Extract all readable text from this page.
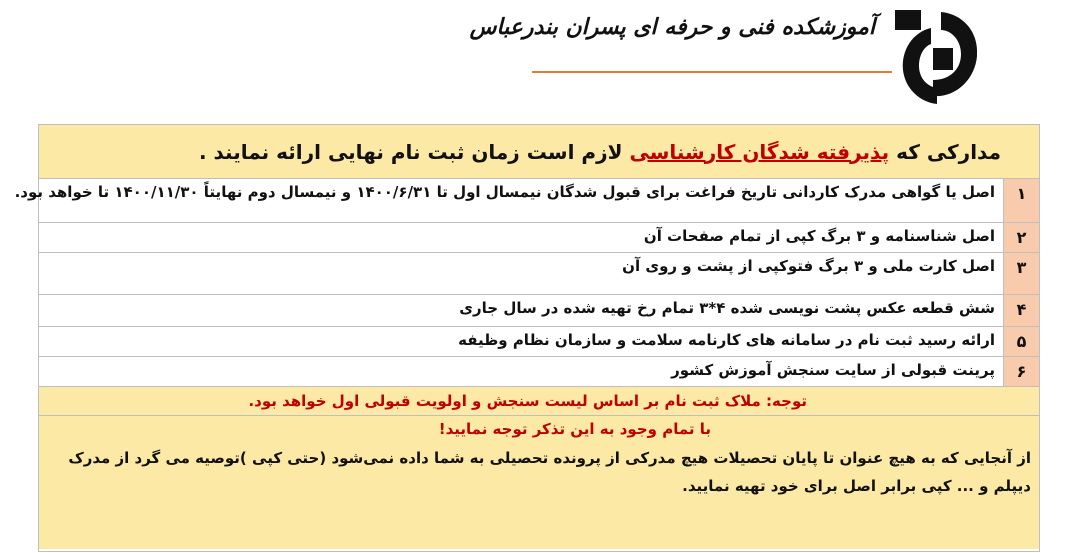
آموزشکده فنی و حرفه ای پسران بندرعباس
مدارکی که

پذیرفته شدگان کارشناسی

لازم است زمان ثبت نام نهایی ارائه نمایند .
۱
اصل یا گواهی مدرک کاردانی تاریخ فراغت برای قبول شدگان نیمسال اول تا ۱۴۰۰/۶/۳۱ و نیمسال دوم نهایتاً ۱۴۰۰/۱۱/۳۰ تا خواهد بود.
۲
اصل شناسنامه و ۳ برگ کپی از تمام صفحات آن
۳
اصل کارت ملی و ۳ برگ فتوکپی از پشت و روی آن
۴
شش قطعه عکس پشت نویسی شده ۴*۳ تمام رخ تهیه شده در سال جاری
۵
ارائه رسید ثبت نام در سامانه های کارنامه سلامت و سازمان نظام وظیفه
۶
پرینت قبولی از سایت سنجش آموزش کشور
توجه: ملاک ثبت نام بر اساس لیست سنجش و اولویت قبولی اول خواهد بود.
با تمام وجود به این تذکر توجه نمایید!
از آنجایی که به هیچ عنوان تا پایان تحصیلات هیچ مدرکی از پرونده تحصیلی به شما داده نمی‌شود (حتی کپی )توصیه می گرد از مدرک دیپلم و ... کپی برابر اصل برای خود تهیه نمایید.
